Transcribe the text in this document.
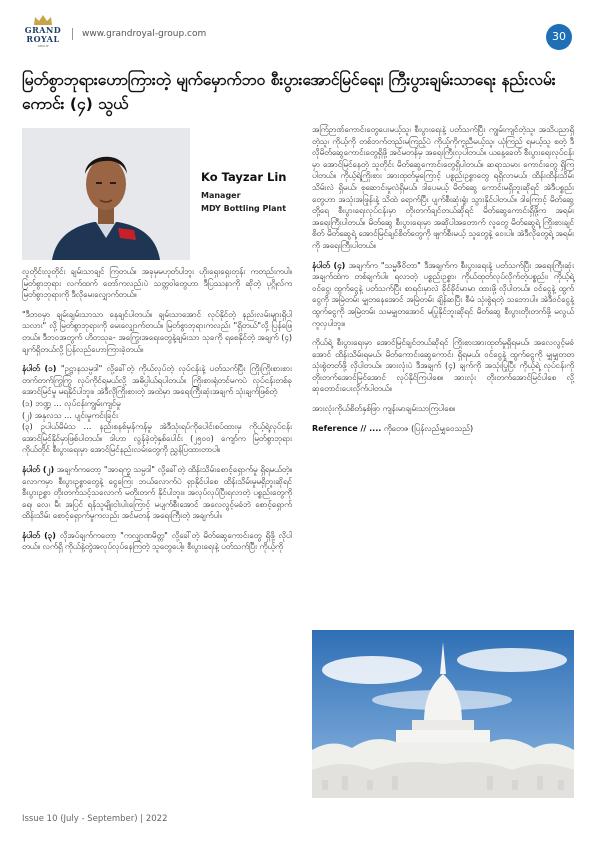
GRAND
ROYAL
GROUP
www.grandroyal-group.com	30
မြတ်စွာဘုရားဟောကြားတဲ့ မျက်မှောက်ဘဝ စီးပွားအောင်မြင်ရေး၊ ကြီးပွားချမ်းသာရေး နည်းလမ်းကောင်း (၄) သွယ်
Ko Tayzar Lin
Manager
MDY Bottling Plant

လူတိုင်းလူတိုင်း ချမ်းသာချင် ကြတယ်။ အခုမှမဟုတ်ပါဘူး ဟိုးရှေးရှေးတုန်း ကတည်းကပါ။ မြတ်စွာဘုရား လက်ထက် တော်ကလည်းပဲ သတ္တဝါတွေဟာ ဒီပြဿနာကို ဆိုတဲ့ ပုဂ္ဂိုလ်ကမြတ်စွာဘုရားကို ဒီလိုမေးလျှောက်တယ်။

"ဒီဘဝမှာ ချမ်းချမ်းသာသာ နေချင်ပါတယ်။ ချမ်းသာအောင် လုပ်နိုင်တဲ့ နည်းလမ်းများရှိပါသလား" လို့ မြတ်စွာဘုရားကို မေးလျှောက်တယ်။ မြတ်စွာဘုရားကလည်း "ရှိတယ်"လို့ ပြန်ဖြေတယ်။ ဒီဘဝအတွက် ဟိတသုခ- အကြွေးအရေးတွေနဲ့ချမ်းသာ သုခကို ရစေနိုင်တဲ့ အချက် (၄) ချက်ရှိတယ်လို့ ပြန်လည်ဟောကြားခဲ့တယ်။

နံပါတ် (၁) "ဥဋ္ဌာနသမ္ပဒါ" လို့ခေါ်တဲ့ ကိုယ်လုပ်တဲ့ လုပ်ငန်းနဲ့ ပတ်သက်ပြီး ကြိုးကြိုးစားစား တက်တက်ကြွကြွ လုပ်ကိုင်ရမယ်လို့ အဓိပ္ပါယ်ရပါတယ်။ ကြိုးစားရုံတင်မကပဲ လုပ်ငန်းတစ်ခု အောင်မြင်မှု မရနိုင်ပါဘူး။ အဲဒီလိုကြိုးစားတဲ့ အထဲမှာ အရေးကြီးဆုံးအချက် သုံးချက်ဖြစ်တဲ့
(၁) ဘဏ္ဍ … လုပ်ငန်းကျွမ်းကျင်မှု
(၂) အနုလသ … ပျင်းမှုကင်းခြင်း
(၃) ဥပါယ်မိမံသ … နည်းစနစ်မှန်ကန်မှု အဲဒီသုံးရပ်ကိုပေါင်းစပ်ထားမှ ကိုယ့်ရဲ့လုပ်ငန်းအောင်မြင်နိုင်မှာဖြစ်ပါတယ်။ ဒါဟာ လွန်ခဲ့တဲ့နှစ်ပေါင်း (၂၅၀၀) ကျော်က မြတ်စွာဘုရား ကိုယ်တိုင် စီးပွားရေးမှာ အောင်မြင်နည်းလမ်းတွေကို ညွှန်ပြထားတာပါ။

နံပါတ် (၂) အချက်ကတော့ "အာရက္ခ သမ္ပဒါ" လို့ခေါ်တဲ့ ထိန်းသိမ်းစောင့်ရှောက်မှု ရှိရမယ်တဲ့။ လောကမှာ စီးပွားဥစ္စာတွေနဲ့ ငွေကြေး ဘယ်လောက်ပဲ ရှာနိုင်ပါစေ ထိန်းသိမ်းမှုမရှိဘူးဆိုရင် စီးပွားဥစ္စာ တိုးတက်သင့်သလောက် မတိုးတက် နိုင်ပါဘူး။ အလုပ်လုပ်ပြီးရလာတဲ့ ပစ္စည်းတွေကို ရေ၊ လေ၊ မီး အပြင် ရန်သူမျိုးငါးပါးကြောင့် မပျက်စီးအောင် အလေလွင့်မခံဘဲ စောင့်ရှောက်ထိန်းသိမ်း စောင့်ရှောက်မှုကလည်း အင်မတန် အရေးကြီးတဲ့ အချက်ပါ။

နံပါတ် (၃) လိုအပ်ချက်ကတော့ "ကလျာဏမိတ္တ" လို့ခေါ်တဲ့ မိတ်ဆွေကောင်းတွေ ရှိဖို့ လိုပါတယ်။ လက်ရှိ ကိုယ်နဲ့တွဲအလုပ်လုပ်နေကြတဲ့ သူတွေပေါ့။ စီးပွားရေးနဲ့ ပတ်သက်ပြီး ကိုယ့်ကို

အကြံဉာဏ်ကောင်းတွေပေးမယ့်သူ၊ စီးပွားရေးနဲ့ ပတ်သက်ပြီး ကျွမ်းကျင်တဲ့သူ၊ အသိပညာရှိတဲ့သူ၊ ကိုယ့်ကို တစ်ဘက်တည်းမကြည့်ပဲ ကိုယ့်ကိုကူညီမယ့်သူ၊ ယုံကြည် ရမယ့်သူ စတဲ့ ဒီလိုမိတ်ဆွေကောင်းတွေရှိဖို့ အင်မတန်မှ အရေးကြီးလှပါတယ်။ ယနေ့ခေတ် စီးပွားရေးလုပ်ငန်းမှာ အောင်မြင်နေတဲ့ သူတိုင်း မိတ်ဆွေကောင်းတွေရှိပါတယ်။ ဆရာသမား ကောင်းတွေ ရှိကြပါတယ်။ ကိုယ့်ရဲ့ကြိုးစား အားထုတ်မှုကြောင့် ပစ္စည်းဥစ္စာတွေ ရရှိလာမယ်၊ ထိန်းထိန်းသိမ်းသိမ်းလဲ ရှိမယ်၊ စုဆောင်းမှုလဲရှိမယ်၊ ဒါပေမယ့် မိတ်ဆွေ ကောင်းမရှိဘူးဆိုရင် အဲဒီပစ္စည်းတွေဟာ အသုံးအဖြုန်းနဲ့ သိထဲ ရောက်ပြီး ပျက်စီးဆုံးရှုံး သွားနိုင်ပါတယ်။ ဒါကြောင့် မိတ်ဆွေတို့ရေ စီးပွားရေးလုပ်ငန်းမှာ တိုးတက်ချင်တယ်ဆိုရင် မိတ်ဆွေကောင်းရှိဖို့က အရမ်းအရေးကြီးပါတယ်။ မိတ်ဆွေ စီးပွားရေးမှာ အဆိုပါအတောက် လူတွေ မိတ်ဆွေရဲ့ ကြိုးစားချင်စိတ် မိတ်ဆွေရဲ့ အောင်မြင်ချင်စိတ်တွေကို ဖျက်စီးမယ့် သူတွေနဲ့ ဝေးပါ။ အဲဒီလိုတွေရဲ့ အရမ်းကို အရေးကြီးပါတယ်။

နံပါတ် (၄) အချက်က "သမ္မဇီဝိတာ" ဒီအချက်က စီးပွားရေးနဲ့ ပတ်သက်ပြီး အရေးကြီးဆုံးအချက်ထဲက တစ်ချက်ပါ။ ရလာတဲ့ ပစ္စည်းဥစ္စာ၊ ကိုယ်ထုတ်လုပ်လိုက်တဲ့ပစ္စည်း၊ ကိုယ့်ရဲ့ ဝင်ငွေ၊ ထွက်ငွေနဲ့ ပတ်သက်ပြီး စာရင်းမှာလဲ ခိုင်ခိုင်မာမာ ထားဖို့ လိုပါတယ်။ ဝင်ငွေနဲ့ ထွက်ငွေကို အမြဲတမ်း မျှတနေအောင် အမြဲတမ်း ချိန်ဆပြီး စီမံ သုံးစွဲရတဲ့ သဘောပါ။ အဲဒီဝင်ငွေနဲ့ ထွက်ငွေကို အမြဲတမ်း သမမျှတအောင် မပြုနိုင်ဘူးဆိုရင် မိတ်ဆွေ စီးပွားတိုးတက်ဖို့ မလွယ်ကူလှပါဘူး။

ကိုယ်ရဲ့ စီးပွားရေးမှာ အောင်မြင်ချင်တယ်ဆိုရင် ကြိုးစားအားထုတ်မှုရှိရမယ်၊ အလေလွင့်မခံအောင် ထိန်းသိမ်းရမယ်၊ မိတ်ကောင်းဆွေကောင်း ရှိရမယ်၊ ဝင်ငွေနဲ့ ထွက်ငွေကို မျှမျှတတ သုံးစွဲတတ်ဖို့ လိုပါတယ်။ အားလုံးပဲ ဒီအချက် (၄) ချက်ကို အသုံးပြုပြီး ကိုယ့်ရဲ့ လုပ်ငန်းကို တိုးတက်အောင်မြင်အောင် လုပ်နိုင်ကြပါစေ။ အားလုံး တိုးတက်အောင်မြင်ပါစေ လို့ ဆုတောင်းပေးလိုက်ပါတယ်။

အားလုံးကိုယ်စိတ်နှစ်ဖြာ ကျန်းမာချမ်းသာကြပါစေ။

Reference // .... ကိုတေဇ (ပြန်လည်မျှဝေသည်)
Issue 10 (July - September) | 2022
